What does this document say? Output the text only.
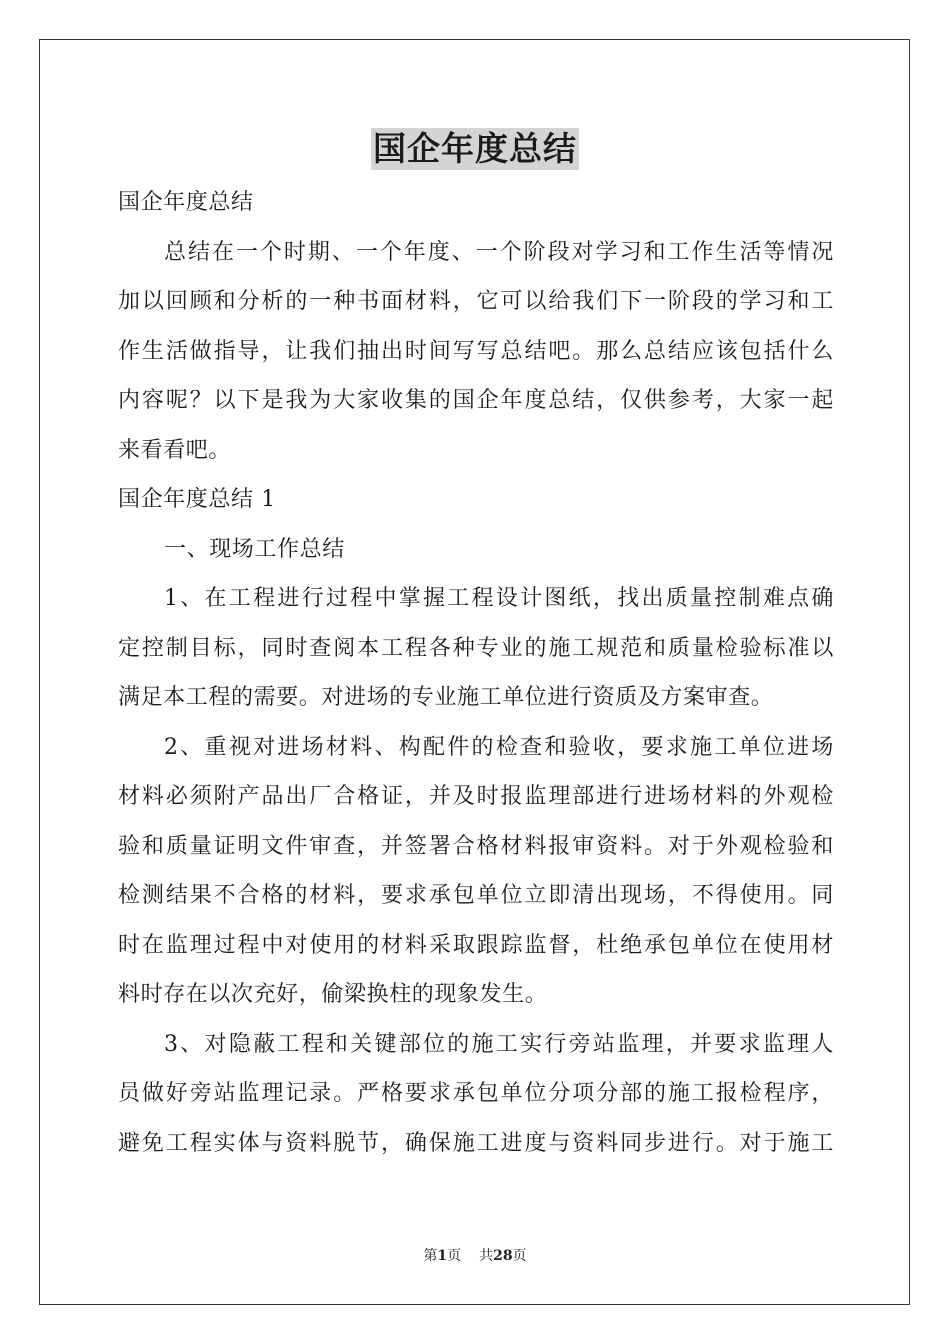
国企年度总结
国企年度总结
总结在一个时期、一个年度、一个阶段对学习和工作生活等情况
加以回顾和分析的一种书面材料，它可以给我们下一阶段的学习和工
作生活做指导，让我们抽出时间写写总结吧。那么总结应该包括什么
内容呢？以下是我为大家收集的国企年度总结，仅供参考，大家一起
来看看吧。
国企年度总结 1
一、现场工作总结
1、在工程进行过程中掌握工程设计图纸，找出质量控制难点确
定控制目标，同时查阅本工程各种专业的施工规范和质量检验标准以
满足本工程的需要。对进场的专业施工单位进行资质及方案审查。
2、重视对进场材料、构配件的检查和验收，要求施工单位进场
材料必须附产品出厂合格证，并及时报监理部进行进场材料的外观检
验和质量证明文件审查，并签署合格材料报审资料。对于外观检验和
检测结果不合格的材料，要求承包单位立即清出现场，不得使用。同
时在监理过程中对使用的材料采取跟踪监督，杜绝承包单位在使用材
料时存在以次充好，偷梁换柱的现象发生。
3、对隐蔽工程和关键部位的施工实行旁站监理，并要求监理人
员做好旁站监理记录。严格要求承包单位分项分部的施工报检程序，
避免工程实体与资料脱节，确保施工进度与资料同步进行。对于施工
第1页 共28页
